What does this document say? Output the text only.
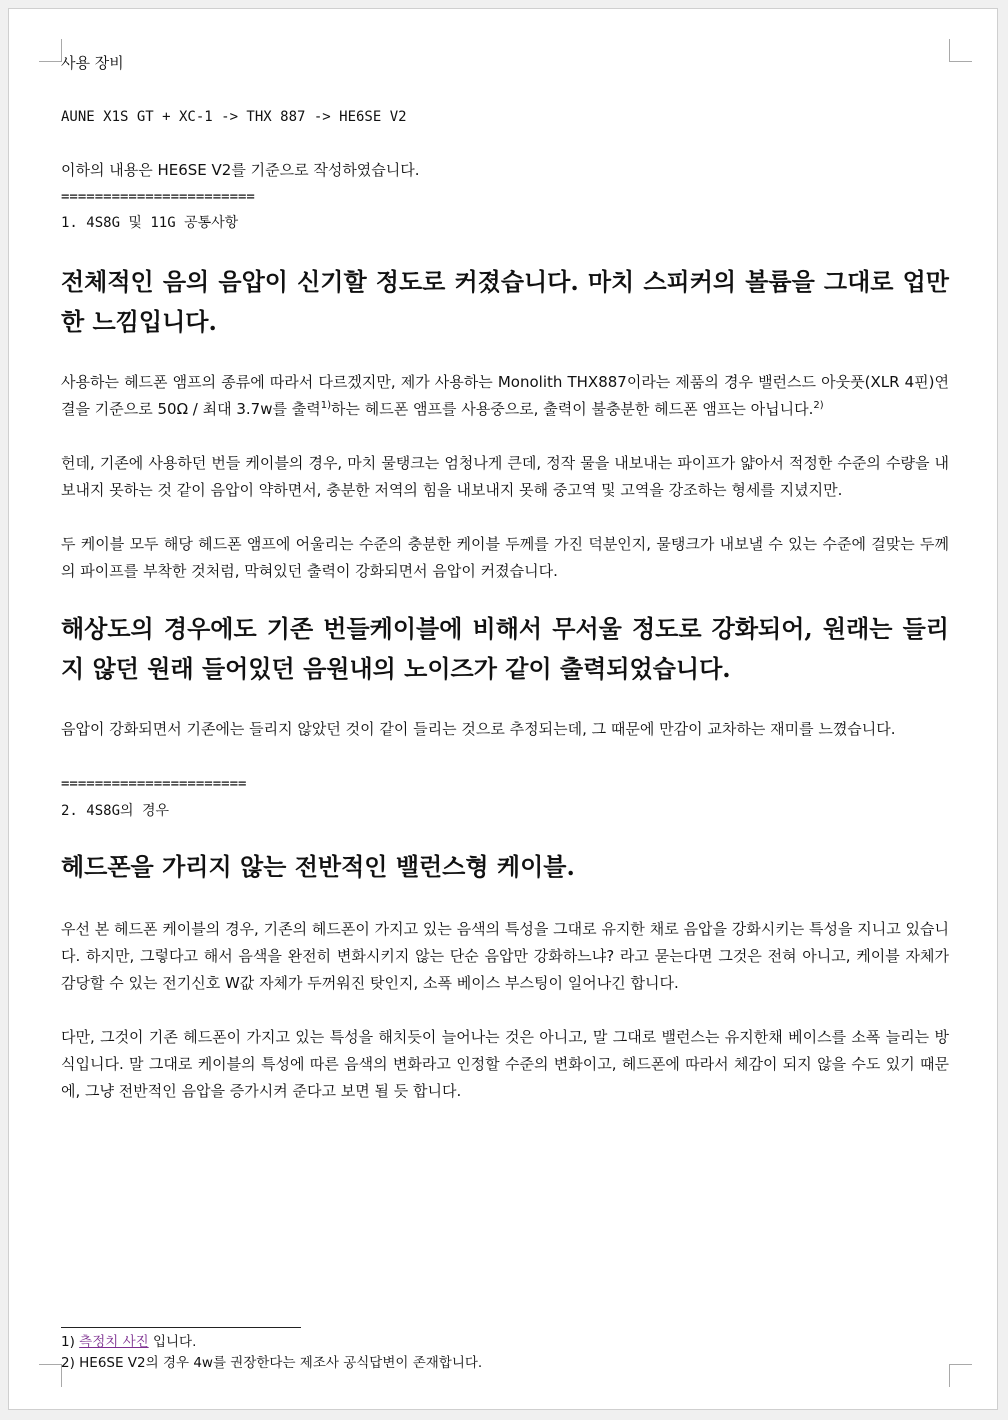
사용 장비
AUNE X1S GT + XC-1 -> THX 887 -> HE6SE V2
이하의 내용은 HE6SE V2를 기준으로 작성하였습니다.
=======================
1. 4S8G 및 11G 공통사항
전체적인 음의 음압이 신기할 정도로 커졌습니다. 마치 스피커의 볼륨을 그대로 업만 한 느낌입니다.
사용하는 헤드폰 앰프의 종류에 따라서 다르겠지만, 제가 사용하는 Monolith THX887이라는 제품의 경우 밸런스드 아웃풋(XLR 4핀)연결을 기준으로 50Ω / 최대 3.7w를 출력$^{1)}$하는 헤드폰 앰프를 사용중으로, 출력이 불충분한 헤드폰 앰프는 아닙니다.$^{2)}$
헌데, 기존에 사용하던 번들 케이블의 경우, 마치 물탱크는 엄청나게 큰데, 정작 물을 내보내는 파이프가 얇아서 적정한 수준의 수량을 내보내지 못하는 것 같이 음압이 약하면서, 충분한 저역의 힘을 내보내지 못해 중고역 및 고역을 강조하는 형세를 지녔지만.
두 케이블 모두 해당 헤드폰 앰프에 어울리는 수준의 충분한 케이블 두께를 가진 덕분인지, 물탱크가 내보낼 수 있는 수준에 걸맞는 두께의 파이프를 부착한 것처럼, 막혀있던 출력이 강화되면서 음압이 커졌습니다.
해상도의 경우에도 기존 번들케이블에 비해서 무서울 정도로 강화되어, 원래는 들리지 않던 원래 들어있던 음원내의 노이즈가 같이 출력되었습니다.
음압이 강화되면서 기존에는 들리지 않았던 것이 같이 들리는 것으로 추정되는데, 그 때문에 만감이 교차하는 재미를 느꼈습니다.
======================
2. 4S8G의 경우
헤드폰을 가리지 않는 전반적인 밸런스형 케이블.
우선 본 헤드폰 케이블의 경우, 기존의 헤드폰이 가지고 있는 음색의 특성을 그대로 유지한 채로 음압을 강화시키는 특성을 지니고 있습니다. 하지만, 그렇다고 해서 음색을 완전히 변화시키지 않는 단순 음압만 강화하느냐? 라고 묻는다면 그것은 전혀 아니고, 케이블 자체가 감당할 수 있는 전기신호 W값 자체가 두꺼워진 탓인지, 소폭 베이스 부스팅이 일어나긴 합니다.
다만, 그것이 기존 헤드폰이 가지고 있는 특성을 해치듯이 늘어나는 것은 아니고, 말 그대로 밸런스는 유지한채 베이스를 소폭 늘리는 방식입니다. 말 그대로 케이블의 특성에 따른 음색의 변화라고 인정할 수준의 변화이고, 헤드폰에 따라서 체감이 되지 않을 수도 있기 때문에, 그냥 전반적인 음압을 증가시켜 준다고 보면 될 듯 합니다.
1) 측정치 사진 입니다.
2) HE6SE V2의 경우 4w를 권장한다는 제조사 공식답변이 존재합니다.
